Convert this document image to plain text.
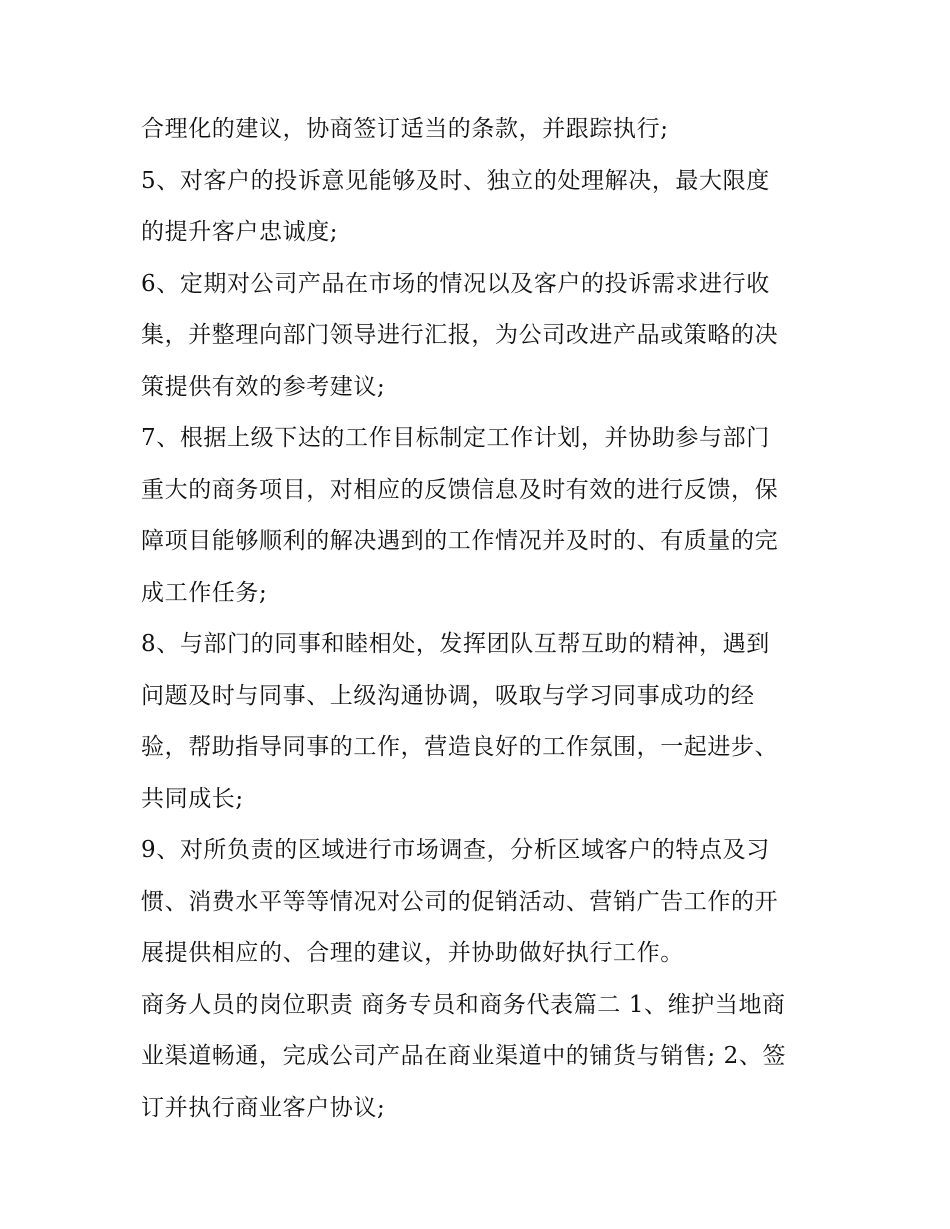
合理化的建议，协商签订适当的条款，并跟踪执行;

5、对客户的投诉意见能够及时、独立的处理解决，最大限度

的提升客户忠诚度;

6、定期对公司产品在市场的情况以及客户的投诉需求进行收

集，并整理向部门领导进行汇报，为公司改进产品或策略的决

策提供有效的参考建议;

7、根据上级下达的工作目标制定工作计划，并协助参与部门

重大的商务项目，对相应的反馈信息及时有效的进行反馈，保

障项目能够顺利的解决遇到的工作情况并及时的、有质量的完

成工作任务;

8、与部门的同事和睦相处，发挥团队互帮互助的精神，遇到

问题及时与同事、上级沟通协调，吸取与学习同事成功的经

验，帮助指导同事的工作，营造良好的工作氛围，一起进步、

共同成长;

9、对所负责的区域进行市场调查，分析区域客户的特点及习

惯、消费水平等等情况对公司的促销活动、营销广告工作的开

展提供相应的、合理的建议，并协助做好执行工作。

商务人员的岗位职责 商务专员和商务代表篇二 1、维护当地商

业渠道畅通，完成公司产品在商业渠道中的铺货与销售; 2、签

订并执行商业客户协议;
